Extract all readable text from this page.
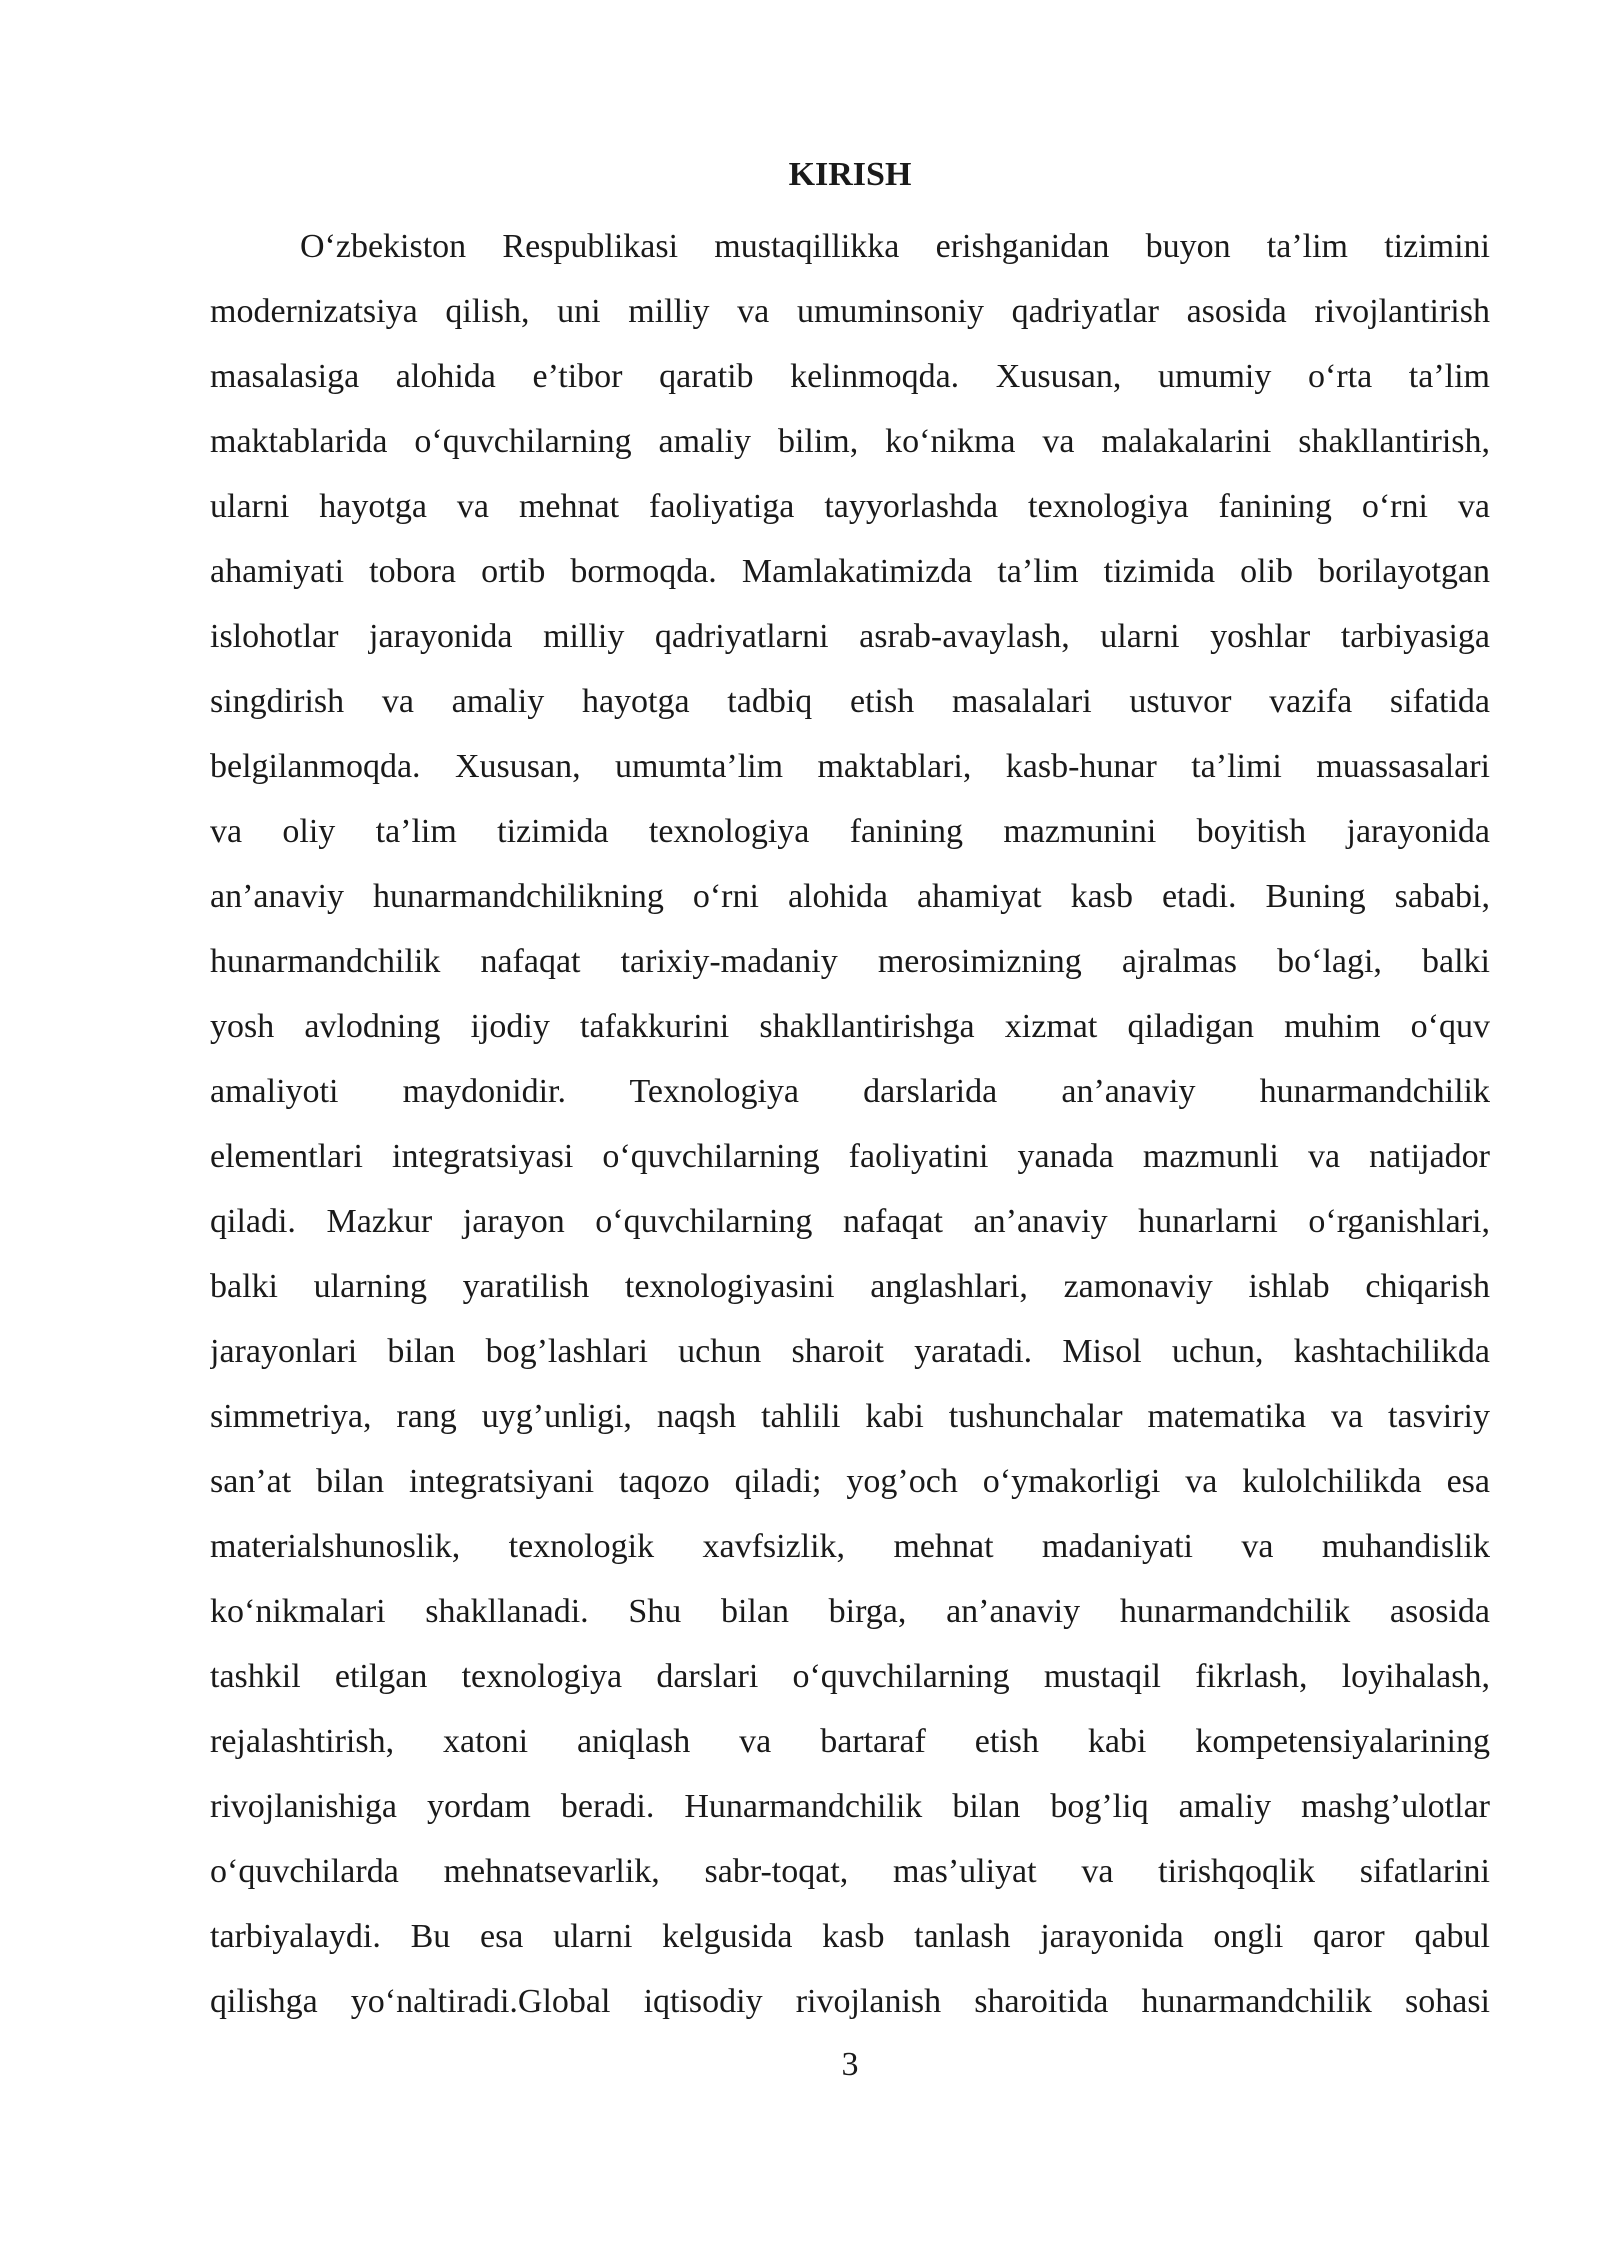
KIRISH
O‘zbekiston Respublikasi mustaqillikka erishganidan buyon ta’lim tizimini
modernizatsiya qilish, uni milliy va umuminsoniy qadriyatlar asosida rivojlantirish
masalasiga alohida e’tibor qaratib kelinmoqda. Xususan, umumiy o‘rta ta’lim
maktablarida o‘quvchilarning amaliy bilim, ko‘nikma va malakalarini shakllantirish,
ularni hayotga va mehnat faoliyatiga tayyorlashda texnologiya fanining o‘rni va
ahamiyati tobora ortib bormoqda. Mamlakatimizda ta’lim tizimida olib borilayotgan
islohotlar jarayonida milliy qadriyatlarni asrab-avaylash, ularni yoshlar tarbiyasiga
singdirish va amaliy hayotga tadbiq etish masalalari ustuvor vazifa sifatida
belgilanmoqda. Xususan, umumta’lim maktablari, kasb-hunar ta’limi muassasalari
va oliy ta’lim tizimida texnologiya fanining mazmunini boyitish jarayonida
an’anaviy hunarmandchilikning o‘rni alohida ahamiyat kasb etadi. Buning sababi,
hunarmandchilik nafaqat tarixiy-madaniy merosimizning ajralmas bo‘lagi, balki
yosh avlodning ijodiy tafakkurini shakllantirishga xizmat qiladigan muhim o‘quv
amaliyoti maydonidir. Texnologiya darslarida an’anaviy hunarmandchilik
elementlari integratsiyasi o‘quvchilarning faoliyatini yanada mazmunli va natijador
qiladi. Mazkur jarayon o‘quvchilarning nafaqat an’anaviy hunarlarni o‘rganishlari,
balki ularning yaratilish texnologiyasini anglashlari, zamonaviy ishlab chiqarish
jarayonlari bilan bog’lashlari uchun sharoit yaratadi. Misol uchun, kashtachilikda
simmetriya, rang uyg’unligi, naqsh tahlili kabi tushunchalar matematika va tasviriy
san’at bilan integratsiyani taqozo qiladi; yog’och o‘ymakorligi va kulolchilikda esa
materialshunoslik, texnologik xavfsizlik, mehnat madaniyati va muhandislik
ko‘nikmalari shakllanadi. Shu bilan birga, an’anaviy hunarmandchilik asosida
tashkil etilgan texnologiya darslari o‘quvchilarning mustaqil fikrlash, loyihalash,
rejalashtirish, xatoni aniqlash va bartaraf etish kabi kompetensiyalarining
rivojlanishiga yordam beradi. Hunarmandchilik bilan bog’liq amaliy mashg’ulotlar
o‘quvchilarda mehnatsevarlik, sabr-toqat, mas’uliyat va tirishqoqlik sifatlarini
tarbiyalaydi. Bu esa ularni kelgusida kasb tanlash jarayonida ongli qaror qabul
qilishga yo‘naltiradi.Global iqtisodiy rivojlanish sharoitida hunarmandchilik sohasi
3
